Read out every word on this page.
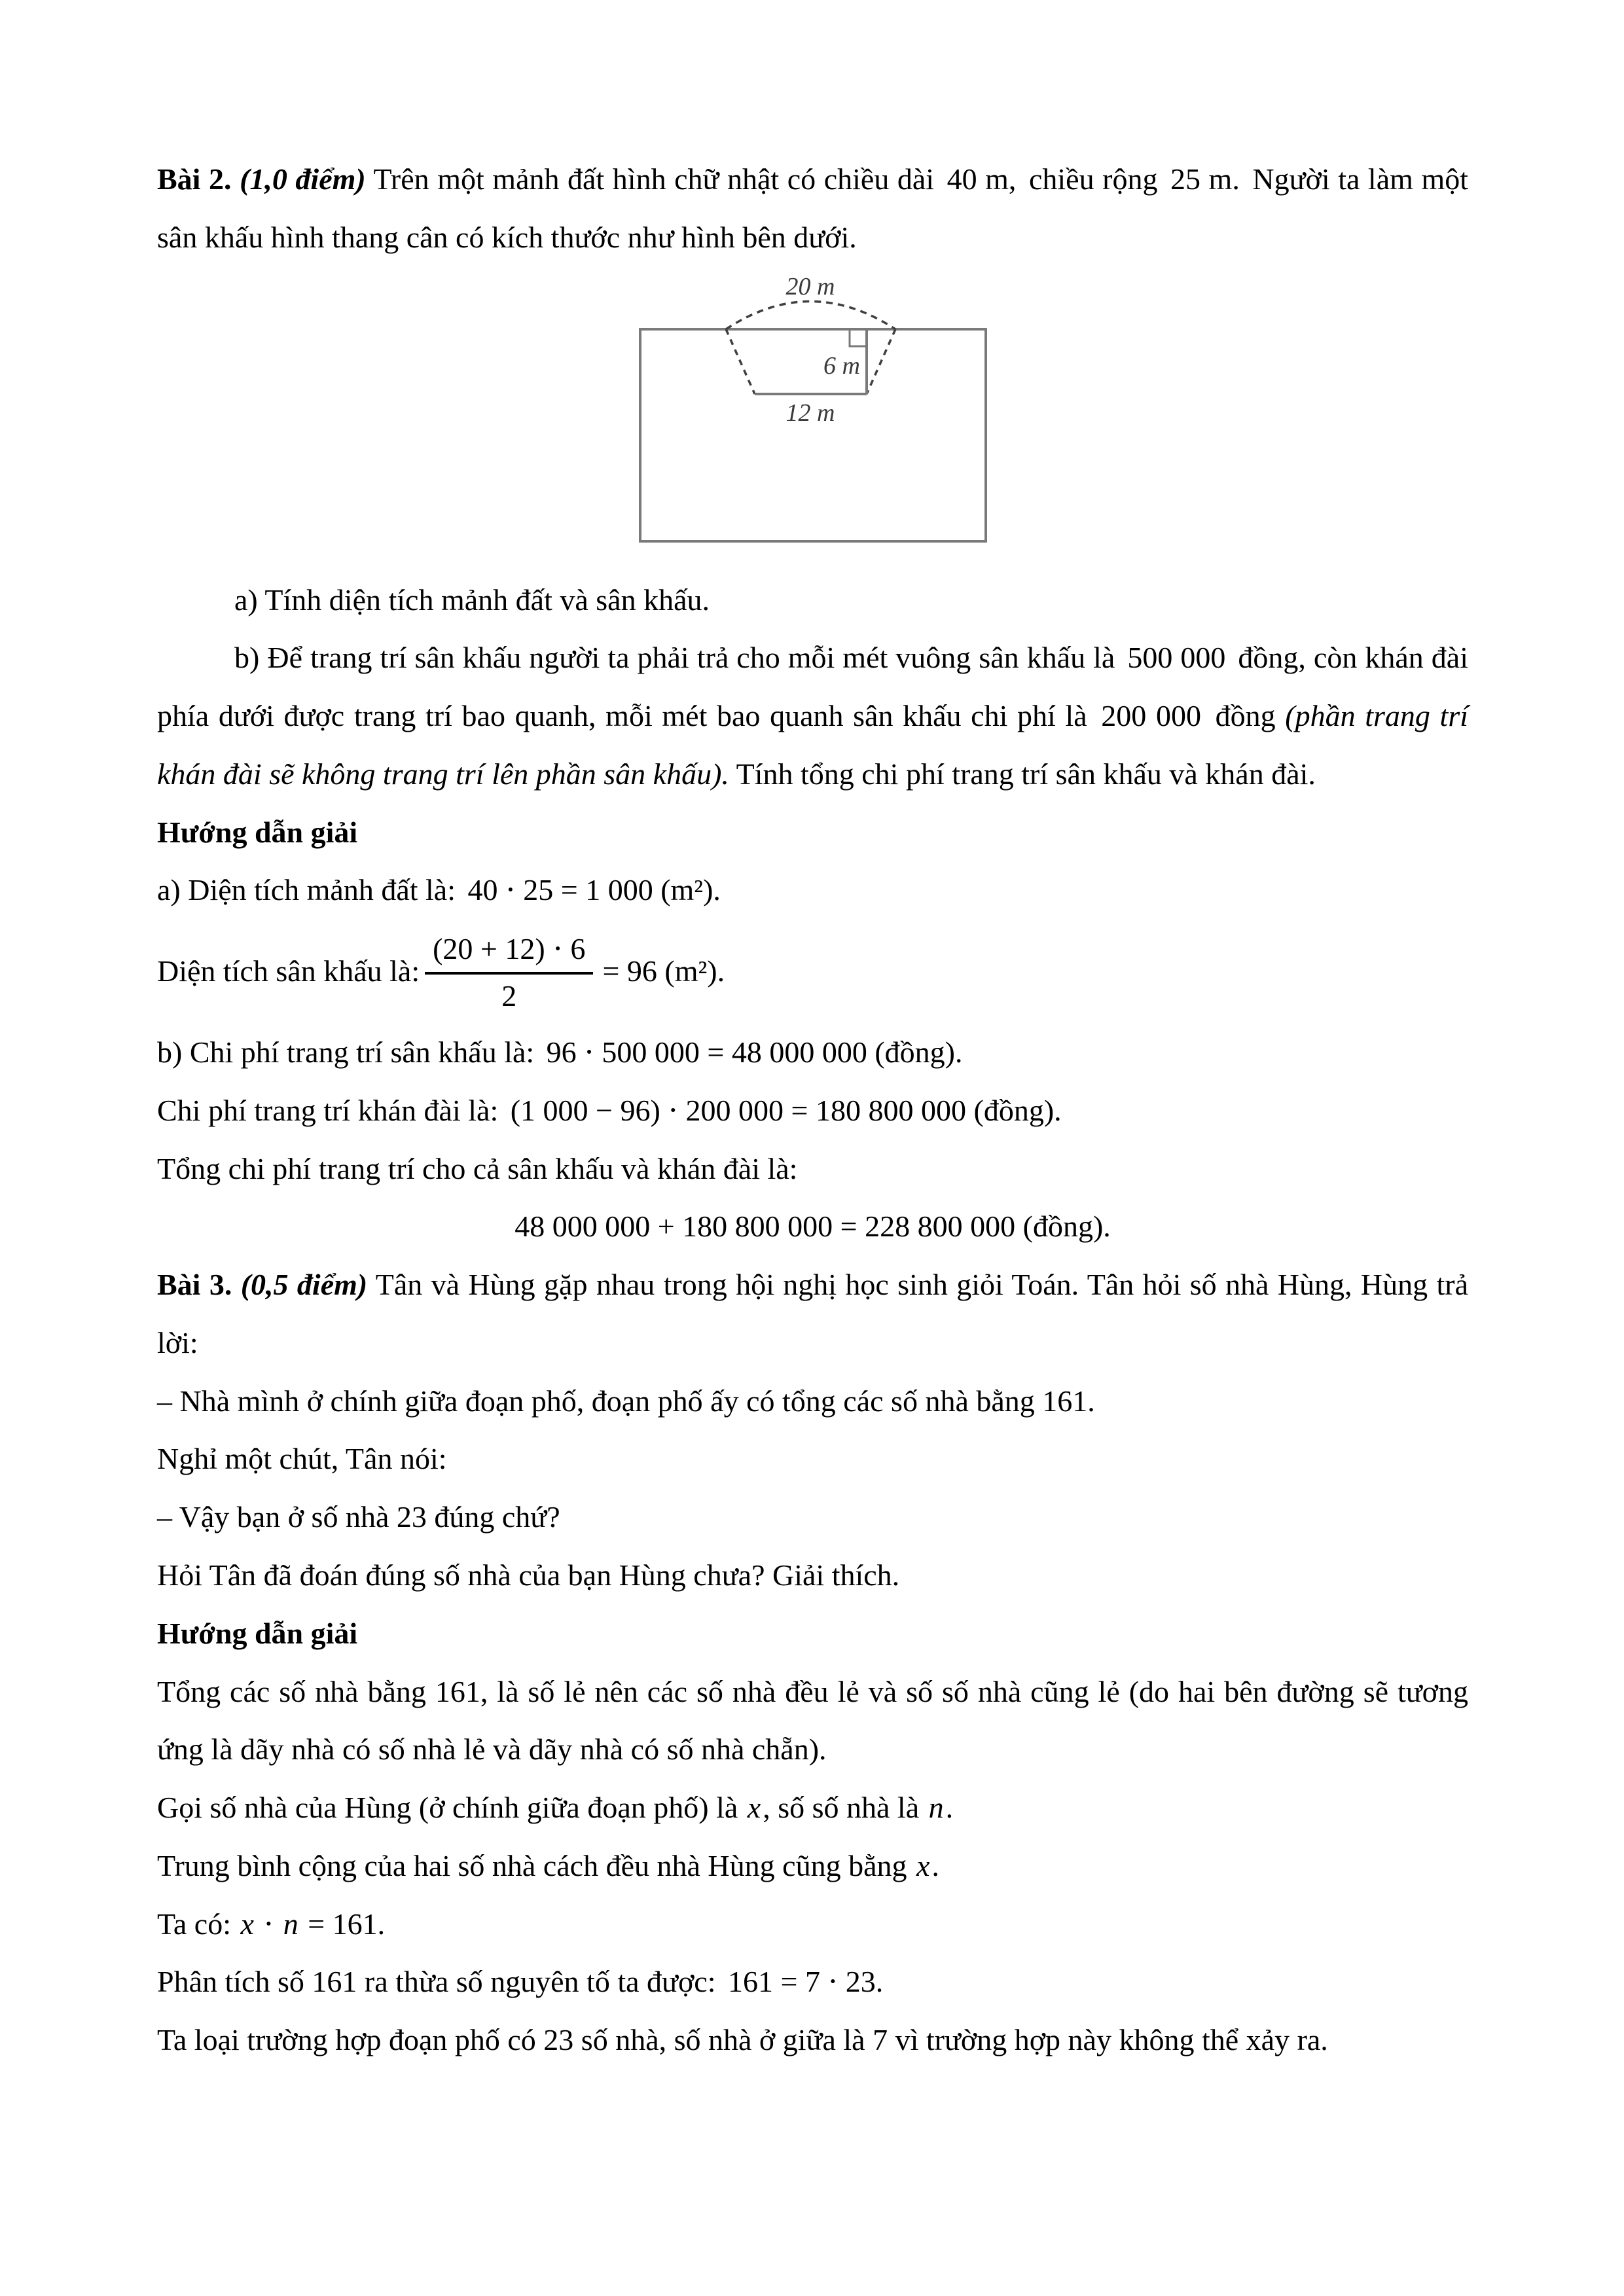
Bài 2. (1,0 điểm) Trên một mảnh đất hình chữ nhật có chiều dài 40 m, chiều rộng 25 m. Người ta làm một sân khấu hình thang cân có kích thước như hình bên dưới.

20 m
6 m
12 m

a) Tính diện tích mảnh đất và sân khấu.

b) Để trang trí sân khấu người ta phải trả cho mỗi mét vuông sân khấu là 500 000 đồng, còn khán đài phía dưới được trang trí bao quanh, mỗi mét bao quanh sân khấu chi phí là 200 000 đồng (phần trang trí khán đài sẽ không trang trí lên phần sân khấu). Tính tổng chi phí trang trí sân khấu và khán đài.

Hướng dẫn giải

a) Diện tích mảnh đất là: 40 ⋅ 25 = 1 000 (m²).

Diện tích sân khấu là: $\frac{(20 + 12) \cdot 6}{2} = 96$ (m²).

b) Chi phí trang trí sân khấu là: 96 ⋅ 500 000 = 48 000 000 (đồng).

Chi phí trang trí khán đài là: (1 000 − 96) ⋅ 200 000 = 180 800 000 (đồng).

Tổng chi phí trang trí cho cả sân khấu và khán đài là:

48 000 000 + 180 800 000 = 228 800 000 (đồng).

Bài 3. (0,5 điểm) Tân và Hùng gặp nhau trong hội nghị học sinh giỏi Toán. Tân hỏi số nhà Hùng, Hùng trả lời:

– Nhà mình ở chính giữa đoạn phố, đoạn phố ấy có tổng các số nhà bằng 161.

Nghỉ một chút, Tân nói:

– Vậy bạn ở số nhà 23 đúng chứ?

Hỏi Tân đã đoán đúng số nhà của bạn Hùng chưa? Giải thích.

Hướng dẫn giải

Tổng các số nhà bằng 161, là số lẻ nên các số nhà đều lẻ và số số nhà cũng lẻ (do hai bên đường sẽ tương ứng là dãy nhà có số nhà lẻ và dãy nhà có số nhà chẵn).

Gọi số nhà của Hùng (ở chính giữa đoạn phố) là x, số số nhà là n.

Trung bình cộng của hai số nhà cách đều nhà Hùng cũng bằng x.

Ta có: x ⋅ n = 161.

Phân tích số 161 ra thừa số nguyên tố ta được: 161 = 7 ⋅ 23.

Ta loại trường hợp đoạn phố có 23 số nhà, số nhà ở giữa là 7 vì trường hợp này không thể xảy ra.
